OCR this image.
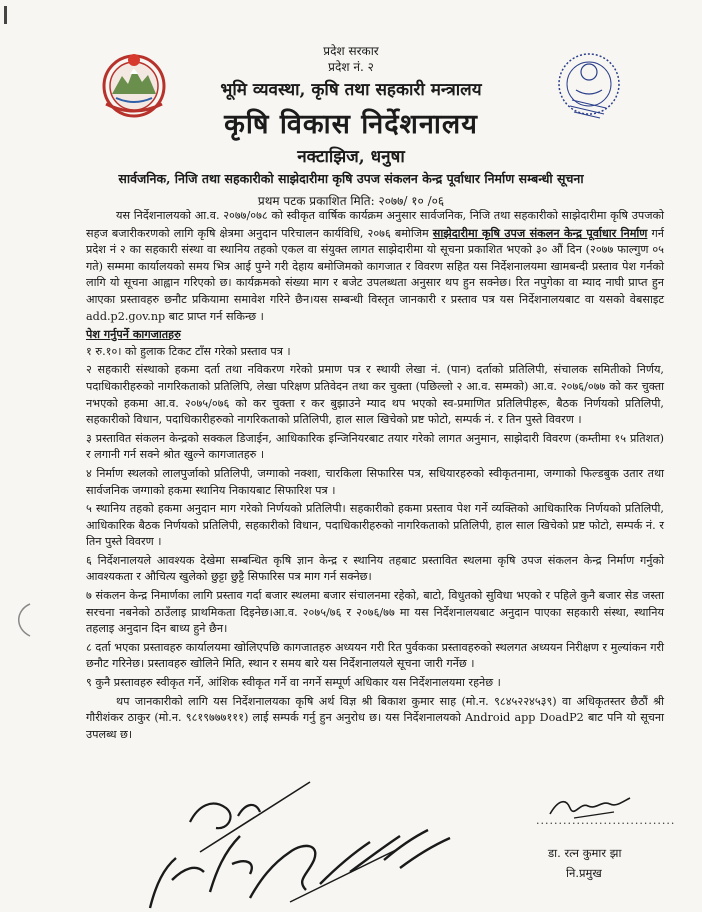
प्रदेश सरकार
प्रदेश नं. २
भूमि व्यवस्था, कृषि तथा सहकारी मन्त्रालय
कृषि विकास निर्देशनालय
नक्टाझिज, धनुषा
सार्वजनिक, निजि तथा सहकारीको साझेदारीमा कृषि उपज संकलन केन्द्र पूर्वाधार निर्माण सम्बन्धी सूचना
प्रथम पटक प्रकाशित मिति: २०७७/ १० /०६

यस निर्देशनालयको आ.व. २०७७/०७८ को स्वीकृत वार्षिक कार्यक्रम अनुसार सार्वजनिक, निजि तथा सहकारीको साझेदारीमा कृषि उपजको सहज बजारीकरणको लागि कृषि क्षेत्रमा अनुदान परिचालन कार्यविधि, २०७६ बमोजिम साझेदारीमा कृषि उपज संकलन केन्द्र पूर्वाधार निर्माण गर्न प्रदेश नं २ का सहकारी संस्था वा स्थानिय तहको एकल वा संयुक्त लागत साझेदारीमा यो सूचना प्रकाशित भएको ३० औं दिन (२०७७ फाल्गुण ०५ गते) सम्ममा कार्यालयको समय भित्र आई पुग्ने गरी देहाय बमोजिमको कागजात र विवरण सहित यस निर्देशनालयमा खामबन्दी प्रस्ताव पेश गर्नको लागि यो सूचना आह्वान गरिएको छ। कार्यक्रमको संख्या माग र बजेट उपलब्धता अनुसार थप हुन सक्नेछ। रित नपुगेका वा म्याद नाघी प्राप्त हुन आएका प्रस्तावहरु छनौट प्रकियामा समावेश गरिने छैन।यस सम्बन्धी विस्तृत जानकारी र प्रस्ताव पत्र यस निर्देशनालयबाट वा यसको वेबसाइट add.p2.gov.np बाट प्राप्त गर्न सकिन्छ ।

पेश गर्नुपर्ने कागजातहरु

१ रु.१०। को हुलाक टिकट टाँस गरेको प्रस्ताव पत्र ।

२ सहकारी संस्थाको हकमा दर्ता तथा नविकरण गरेको प्रमाण पत्र र स्थायी लेखा नं. (पान) दर्ताको प्रतिलिपी, संचालक समितीको निर्णय, पदाधिकारीहरुको नागरिकताको प्रतिलिपि, लेखा परिक्षण प्रतिवेदन तथा कर चुक्ता (पछिल्लो २ आ.व. सम्मको) आ.व. २०७६/०७७ को कर चुक्ता नभएको हकमा आ.व. २०७५/०७६ को कर चुक्ता र कर बुझाउने म्याद थप भएको स्व-प्रमाणित प्रतिलिपीहरू, बैठक निर्णयको प्रतिलिपी, सहकारीको विधान, पदाधिकारीहरुको नागरिकताको प्रतिलिपी, हाल साल खिचेको प्रष्ट फोटो, सम्पर्क नं. र तिन पुस्ते विवरण ।

३ प्रस्तावित संकलन केन्द्रको सक्कल डिजाईन, आधिकारिक इन्जिनियरबाट तयार गरेको लागत अनुमान, साझेदारी विवरण (कम्तीमा १५ प्रतिशत) र लगानी गर्न सक्ने श्रोत खुल्ने कागजातहरु ।

४ निर्माण स्थलको लालपुर्जाको प्रतिलिपी, जग्गाको नक्शा, चारकिला सिफारिस पत्र, सधियारहरुको स्वीकृतनामा, जग्गाको फिल्डबुक उतार तथा सार्वजनिक जग्गाको हकमा स्थानिय निकायबाट सिफारिश पत्र ।

५ स्थानिय तहको हकमा अनुदान माग गरेको निर्णयको प्रतिलिपी। सहकारीको हकमा प्रस्ताव पेश गर्ने व्यक्तिको आधिकारिक निर्णयको प्रतिलिपी, आधिकारिक बैठक निर्णयको प्रतिलिपी, सहकारीको विधान, पदाधिकारीहरुको नागरिकताको प्रतिलिपी, हाल साल खिचेको प्रष्ट फोटो, सम्पर्क नं. र तिन पुस्ते विवरण ।

६ निर्देशनालयले आवश्यक देखेमा सम्बन्धित कृषि ज्ञान केन्द्र र स्थानिय तहबाट प्रस्तावित स्थलमा कृषि उपज संकलन केन्द्र निर्माण गर्नुको आवश्यकता र औचित्य खुलेको छुट्टा छुट्टै सिफारिस पत्र माग गर्न सक्नेछ।

७ संकलन केन्द्र निमार्णका लागि प्रस्ताव गर्दा बजार स्थलमा बजार संचालनमा रहेको, बाटो, विधुतको सुविधा भएको र पहिले कुनै बजार सेड जस्ता सरचना नबनेको ठाउँलाइ प्राथमिकता दिइनेछ।आ.व. २०७५/७६ र २०७६/७७ मा यस निर्देशनालयबाट अनुदान पाएका सहकारी संस्था, स्थानिय तहलाइ अनुदान दिन बाध्य हुने छैन।

८ दर्ता भएका प्रस्तावहरु कार्यालयमा खोलिएपछि कागजातहरु अध्ययन गरी रित पुर्वकका प्रस्तावहरुको स्थलगत अध्ययन निरीक्षण र मुल्यांकन गरी छनौट गरिनेछ। प्रस्तावहरु खोलिने मिति, स्थान र समय बारे यस निर्देशनालयले सूचना जारी गर्नेछ ।

९ कुनै प्रस्तावहरु स्वीकृत गर्ने, आंशिक स्वीकृत गर्ने वा नगर्ने सम्पूर्ण अधिकार यस निर्देशनालयमा रहनेछ ।

थप जानकारीको लागि यस निर्देशनालयका कृषि अर्थ विज्ञ श्री बिकाश कुमार साह (मो.न. ९८४५२२४५३९) वा अधिकृतस्तर छैठौं श्री गौरीशंकर ठाकुर (मो.न. ९८१९७७७१११) लाई सम्पर्क गर्नु हुन अनुरोध छ। यस निर्देशनालयको Android app DoadP2 बाट पनि यो सूचना उपलब्ध छ।

...............................
डा. रत्न कुमार झा
नि.प्रमुख
